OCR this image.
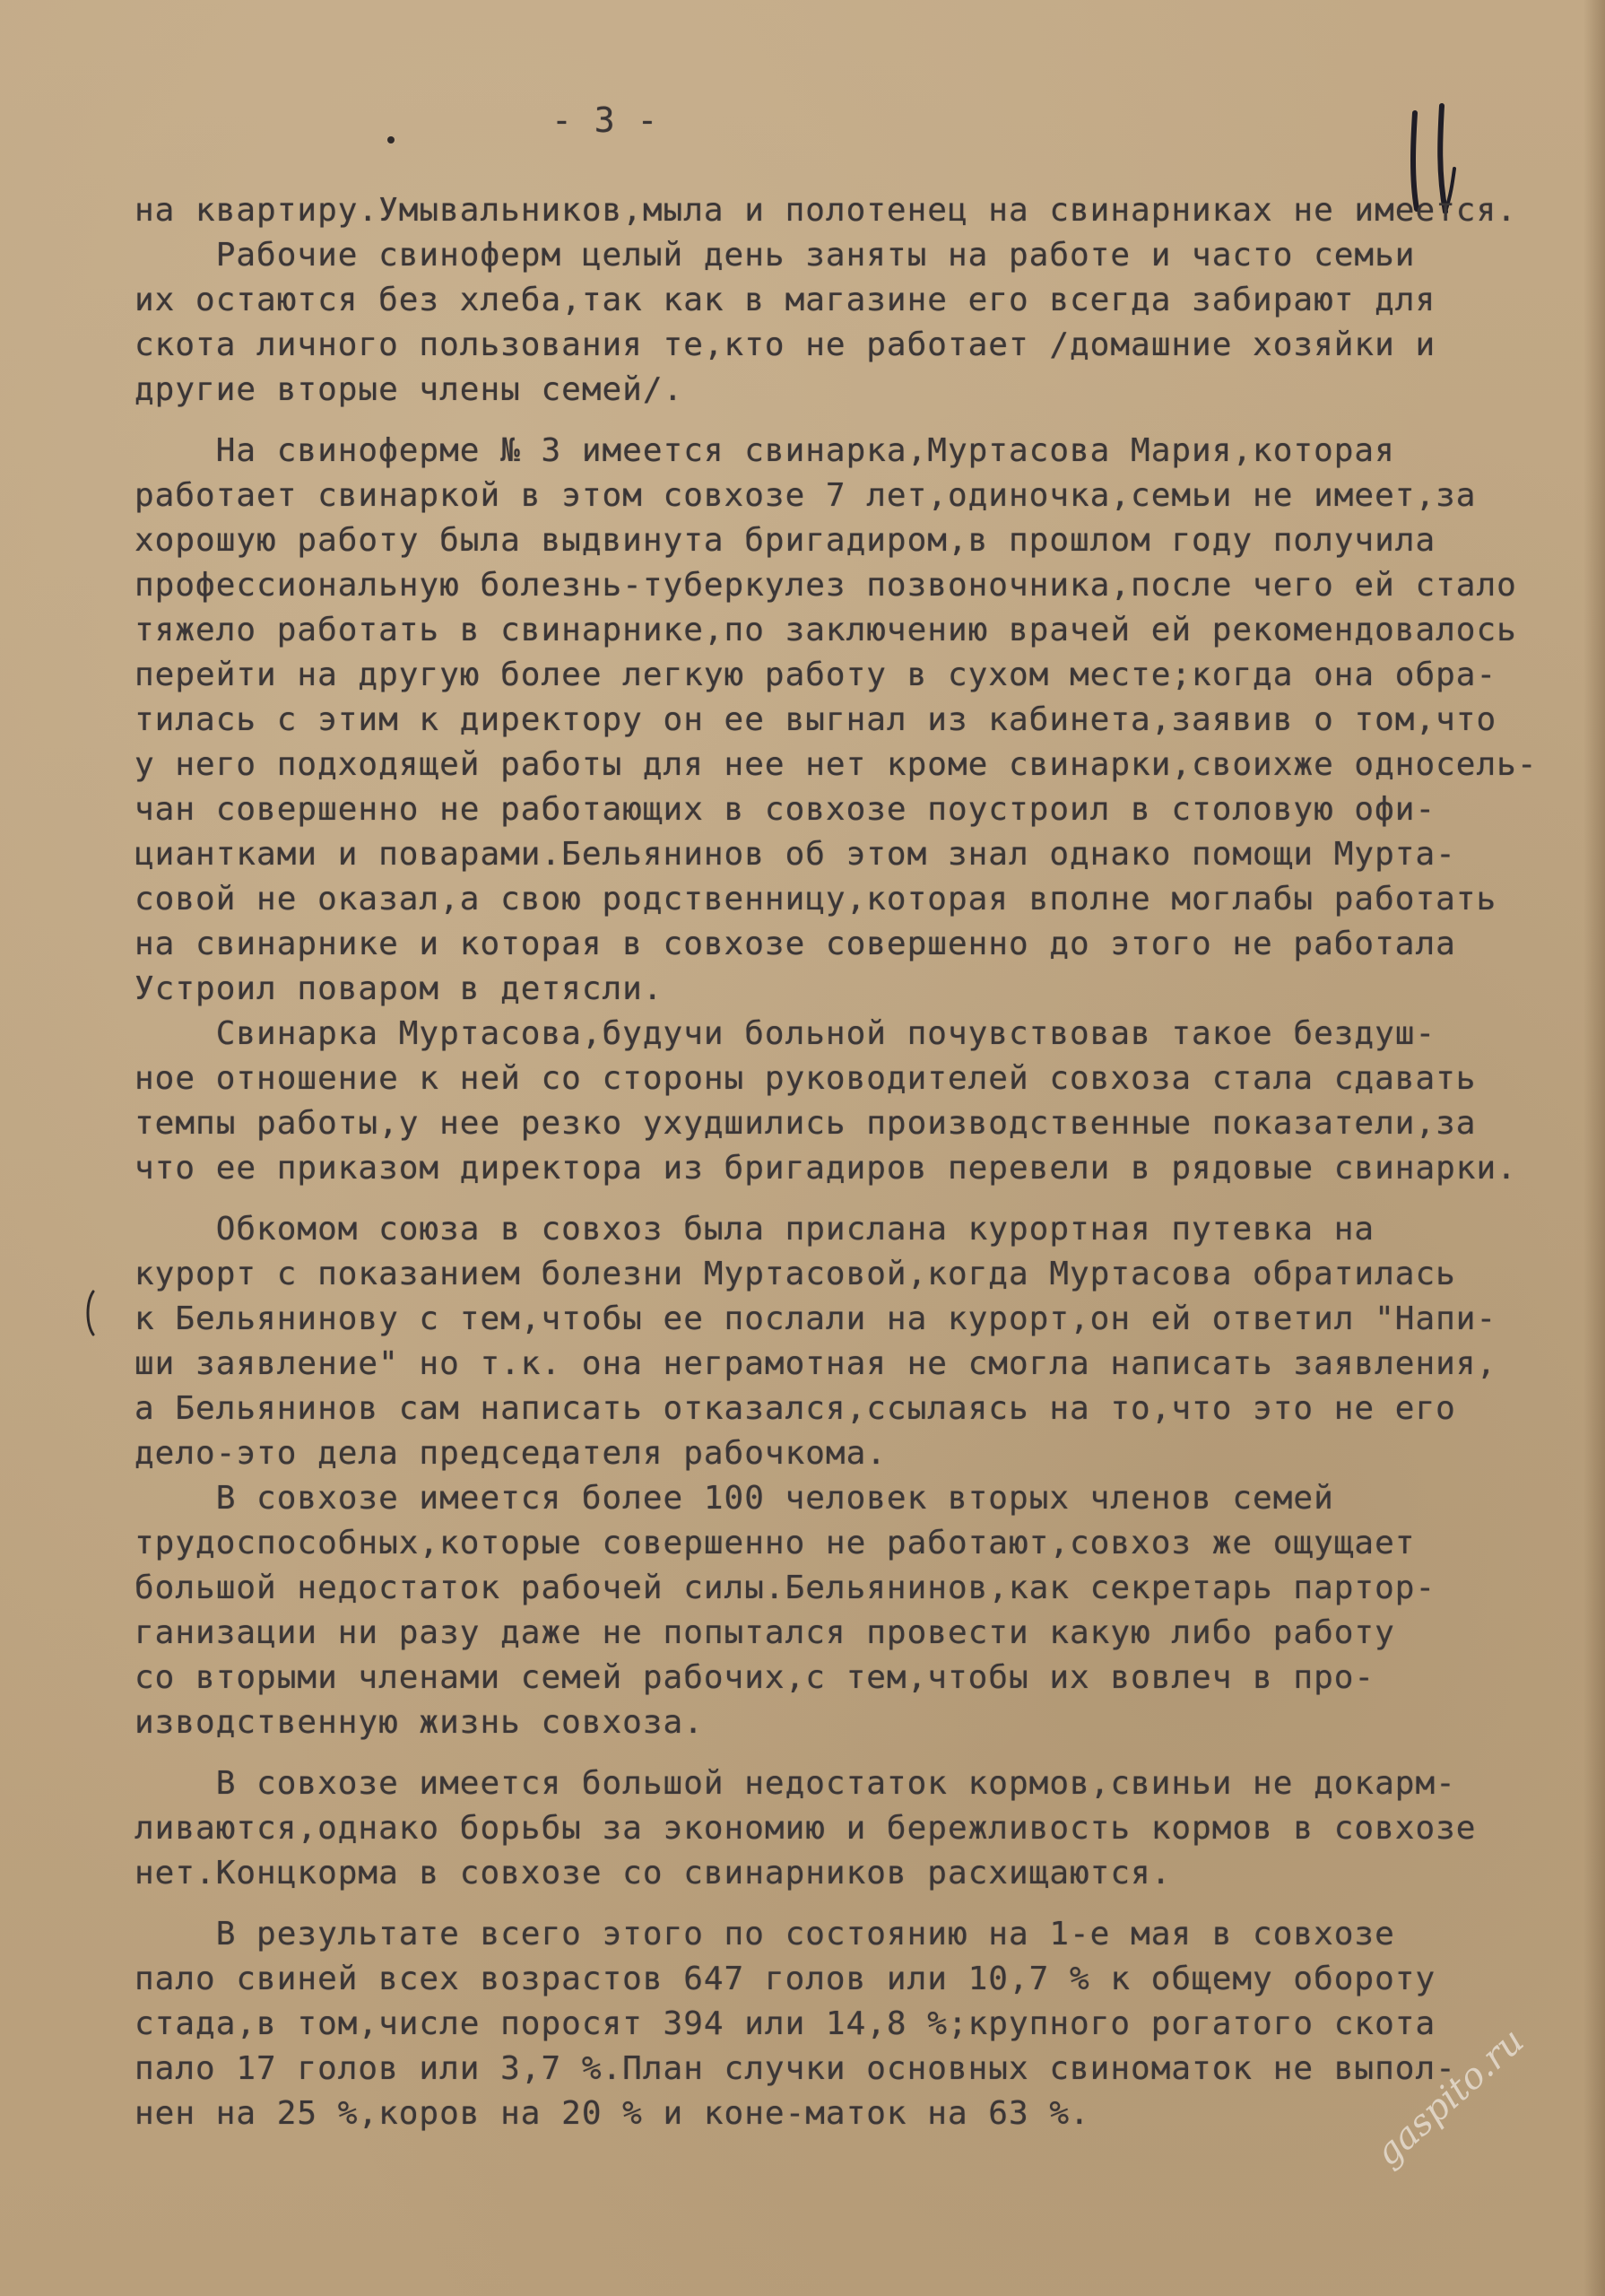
- 3 -
11
на квартиру.Умывальников,мыла и полотенец на свинарниках не имеется.
Рабочие свинοферм целый день заняты на работе и часто семьи
их остаются без хлеба,так как в магазине его всегда забирают для
скота личного пользования те,кто не работает /домашние хозяйки и
другие вторые члены семей/.
На свиноферме № 3 имеется свинарка,Муртасова Мария,которая
работает свинаркой в этом совхозе 7 лет,одиночка,семьи не имеет,за
хорошую работу была выдвинута бригадиром,в прошлом году получила
профессиональную болезнь-туберкулез позвоночника,после чего ей стало
тяжело работать в свинарнике,по заключению врачей ей рекомендовалось
перейти на другую более легкую работу в сухом месте;когда она обра-
тилась с этим к директору он ее выгнал из кабинета,заявив о том,что
у него подходящей работы для нее нет кроме свинарки,своихже односель-
чан совершенно не работающих в совхозе поустроил в столовую офи-
циантками и поварами.Бельянинов об этом знал однако помощи Мурта-
совой не оказал,а свою родственницу,которая вполне моглабы работать
на свинарнике и которая в совхозе совершенно до этого не работала
Устроил поваром в детясли.
Свинарка Муртасова,будучи больной почувствовав такое бездуш-
ное отношение к ней со стороны руководителей совхоза стала сдавать
темпы работы,у нее резко ухудшились производственные показатели,за
что ее приказом директора из бригадиров перевели в рядовые свинарки.
Обкомом союза в совхоз была прислана курортная путевка на
курорт с показанием болезни Муртасовой,когда Муртасова обратилась
к Бельянинову с тем,чтобы ее послали на курорт,он ей ответил "Напи-
ши заявление" но т.к. она неграмотная не смогла написать заявления,
а Бельянинов сам написать отказался,ссылаясь на то,что это не его
дело-это дела председателя рабочкома.
В совхозе имеется более 100 человек вторых членов семей
трудоспособных,которые совершенно не работают,совхоз же ощущает
большой недостаток рабочей силы.Бельянинов,как секретарь партор-
ганизации ни разу даже не попытался провести какую либо работу
со вторыми членами семей рабочих,с тем,чтобы их вовлеч в про-
изводственную жизнь совхоза.
В совхозе имеется большой недостаток кормов,свиньи не докарм-
ливаются,однако борьбы за экономию и бережливость кормов в совхозе
нет.Концкорма в совхозе со свинарников расхищаются.
В результате всего этого по состоянию на 1-е мая в совхозе
пало свиней всех возрастов 647 голов или 10,7 % к общему обороту
стада,в том,числе поросят 394 или 14,8 %;крупного рогатого скота
пало 17 голов или 3,7 %.План случки основных свиноматок не выпол-
нен на 25 %,коров на 20 % и коне-маток на 63 %.	gaspito.ru
